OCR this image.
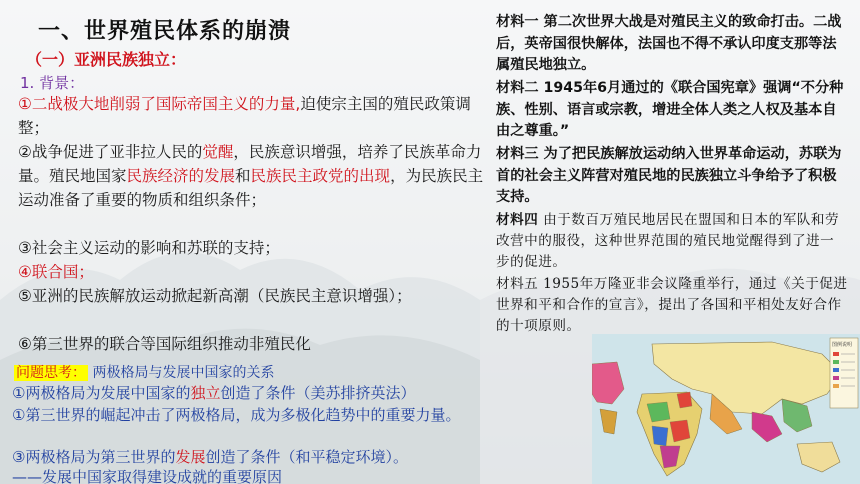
一、世界殖民体系的崩溃
（一）亚洲民族独立：
1. 背景：
①二战极大地削弱了国际帝国主义的力量,迫使宗主国的殖民政策调整；
②战争促进了亚非拉人民的觉醒，民族意识增强，培养了民族革命力量。殖民地国家民族经济的发展和民族民主政党的出现，为民族民主运动准备了重要的物质和组织条件；
③社会主义运动的影响和苏联的支持；
④联合国；
⑤亚洲的民族解放运动掀起新高潮（民族民主意识增强）；
⑥第三世界的联合等国际组织推动非殖民化
问题思考： 两极格局与发展中国家的关系
①两极格局为发展中国家的独立创造了条件（美苏排挤英法）
①第三世界的崛起冲击了两极格局，成为多极化趋势中的重要力量。
③两极格局为第三世界的发展创造了条件（和平稳定环境）。
——发展中国家取得建设成就的重要原因
材料一 第二次世界大战是对殖民主义的致命打击。二战后，英帝国很快解体，法国也不得不承认印度支那等法属殖民地独立。
材料二 1945年6月通过的《联合国宪章》强调“不分种族、性别、语言或宗教，增进全体人类之人权及基本自由之尊重。”
材料三 为了把民族解放运动纳入世界革命运动，苏联为首的社会主义阵营对殖民地的民族独立斗争给予了积极支持。
材料四 由于数百万殖民地居民在盟国和日本的军队和劳改营中的服役，这种世界范围的殖民地觉醒得到了进一步的促进。
材料五 1955年万隆亚非会议隆重举行，通过《关于促进世界和平和合作的宣言》，提出了各国和平相处友好合作的十项原则。
图例说明
